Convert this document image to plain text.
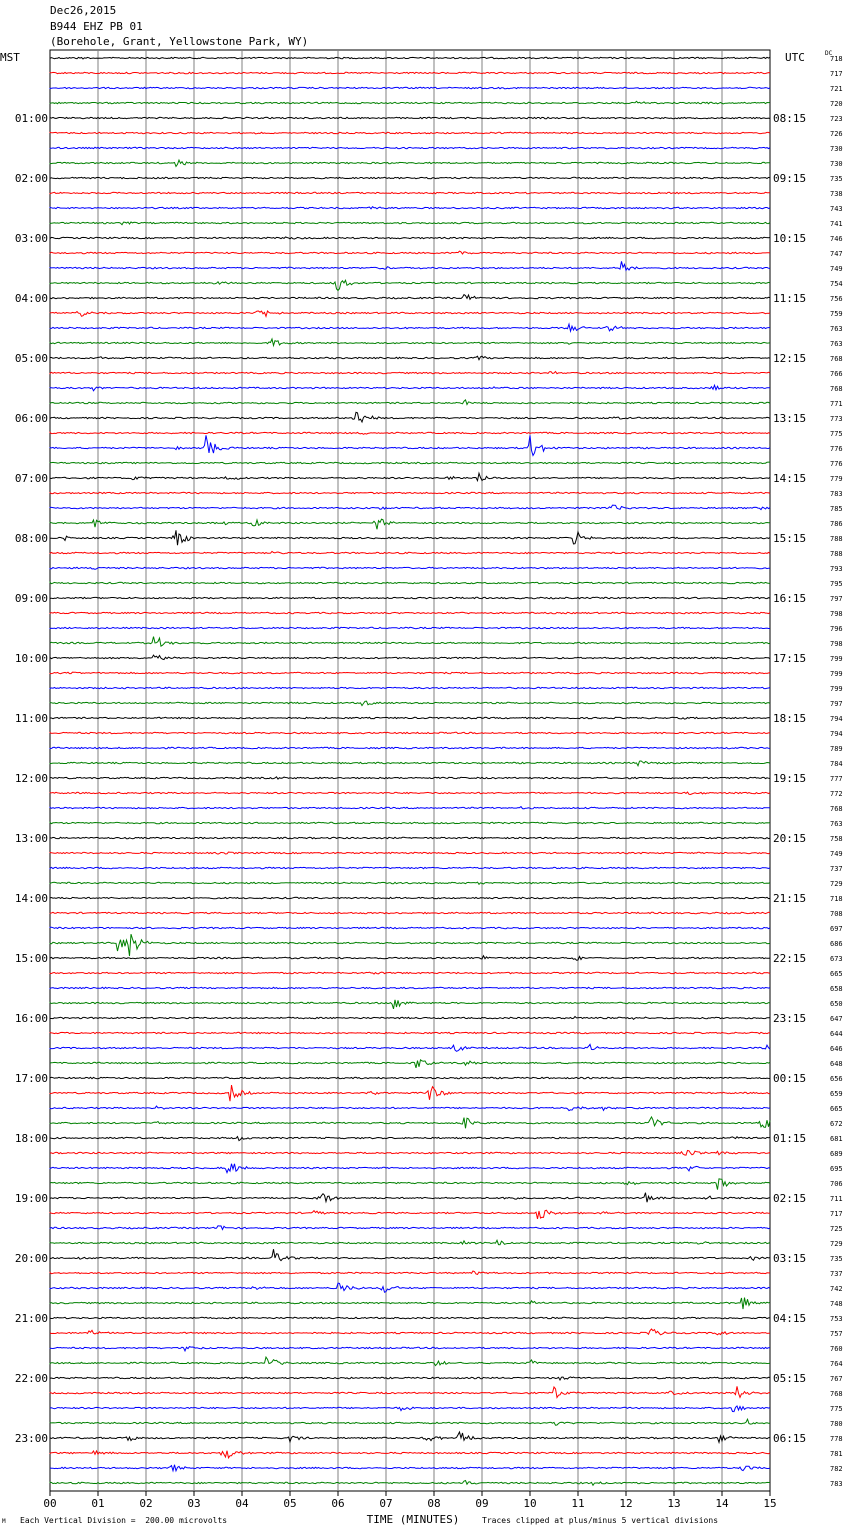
Dec26,2015
B944 EHZ PB 01
(Borehole, Grant, Yellowstone Park, WY)
718
717
721
720
723
726
730
730
735
738
743
741
746
747
749
754
756
759
763
763
768
766
768
771
773
775
776
776
779
783
785
786
788
788
793
795
797
798
796
798
799
799
799
797
794
794
789
784
777
772
768
763
758
749
737
729
718
708
697
686
673
665
658
650
647
644
646
648
656
659
665
672
681
689
695
706
711
717
725
729
735
737
742
748
753
757
760
764
767
768
775
780
778
781
782
783
01:00
02:00
03:00
04:00
05:00
06:00
07:00
08:00
09:00
10:00
11:00
12:00
13:00
14:00
15:00
16:00
17:00
18:00
19:00
20:00
21:00
22:00
23:00
08:15
09:15
10:15
11:15
12:15
13:15
14:15
15:15
16:15
17:15
18:15
19:15
20:15
21:15
22:15
23:15
00:15
01:15
02:15
03:15
04:15
05:15
06:15
MST	UTC	DC
00	01	02	03	04	05	06	07	08	09	10	11	12	13	14	15
TIME (MINUTES)
M Each Vertical Division =  200.00 microvolts	Traces clipped at plus/minus 5 vertical divisions
